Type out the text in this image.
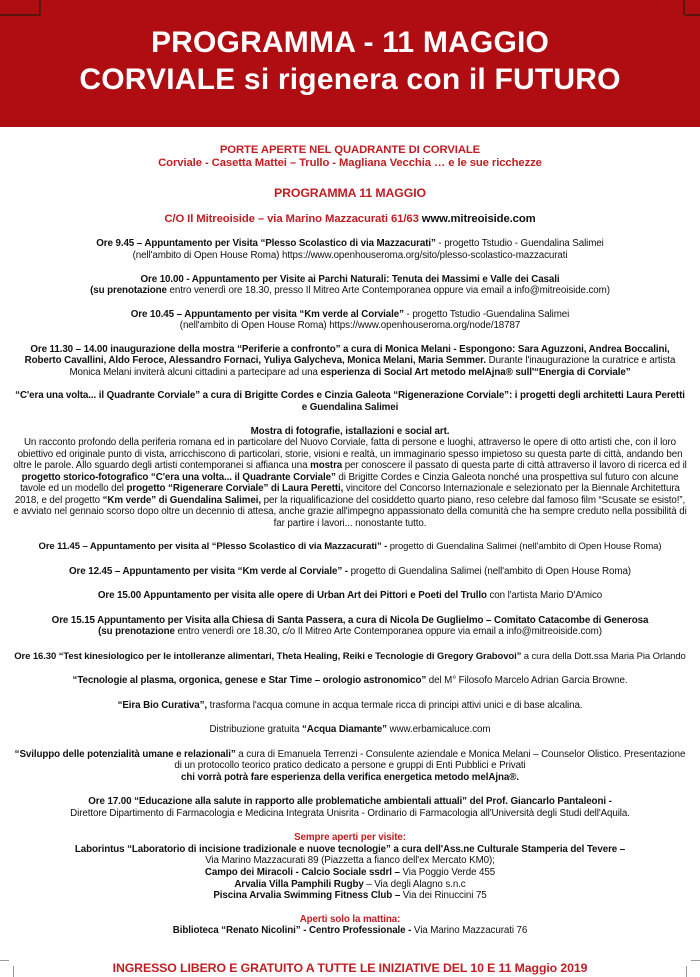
PROGRAMMA - 11 MAGGIO
CORVIALE si rigenera con il FUTURO

PORTE APERTE NEL QUADRANTE DI CORVIALE

Corviale - Casetta Mattei – Trullo - Magliana Vecchia … e le sue ricchezze

PROGRAMMA 11 MAGGIO

C/O Il Mitreoiside – via Marino Mazzacurati 61/63 www.mitreoiside.com

Ore 9.45 – Appuntamento per Visita “Plesso Scolastico di via Mazzacurati” - progetto Tstudio - Guendalina Salimei
(nell'ambito di Open House Roma) https://www.openhouseroma.org/sito/plesso-scolastico-mazzacurati

Ore 10.00 - Appuntamento per Visite ai Parchi Naturali: Tenuta dei Massimi e Valle dei Casali
(su prenotazione entro venerdì ore 18.30, presso Il Mitreo Arte Contemporanea oppure via email a info@mitreoiside.com)

Ore 10.45 – Appuntamento per visita “Km verde al Corviale” - progetto Tstudio -Guendalina Salimei
(nell'ambito di Open House Roma) https://www.openhouseroma.org/node/18787

Ore 11.30 – 14.00 inaugurazione della mostra “Periferie a confronto” a cura di Monica Melani - Espongono: Sara Aguzzoni, Andrea Boccalini, Roberto Cavallini, Aldo Feroce, Alessandro Fornaci, Yuliya Galycheva, Monica Melani, Maria Semmer. Durante l'inaugurazione la curatrice e artista Monica Melani inviterà alcuni cittadini a partecipare ad una esperienza di Social Art metodo melAjna® sull'“Energia di Corviale”

“C'era una volta... il Quadrante Corviale” a cura di Brigitte Cordes e Cinzia Galeota “Rigenerazione Corviale”: i progetti degli architetti Laura Peretti e Guendalina Salimei

Mostra di fotografie, istallazioni e social art.
Un racconto profondo della periferia romana ed in particolare del Nuovo Corviale, fatta di persone e luoghi, attraverso le opere di otto artisti che, con il loro obiettivo ed originale punto di vista, arricchiscono di particolari, storie, visioni e realtà, un immaginario spesso impietoso su questa parte di città, andando ben oltre le parole. Allo sguardo degli artisti contemporanei si affianca una mostra per conoscere il passato di questa parte di città attraverso il lavoro di ricerca ed il progetto storico-fotografico “C'era una volta... il Quadrante Corviale” di Brigitte Cordes e Cinzia Galeota nonché una prospettiva sul futuro con alcune tavole ed un modello del progetto “Rigenerare Corviale” di Laura Peretti, vincitore del Concorso Internazionale e selezionato per la Biennale Architettura 2018, e del progetto “Km verde” di Guendalina Salimei, per la riqualificazione del cosiddetto quarto piano, reso celebre dal famoso film “Scusate se esisto!”, e avviato nel gennaio scorso dopo oltre un decennio di attesa, anche grazie all'impegno appassionato della comunità che ha sempre creduto nella possibilità di far partire i lavori... nonostante tutto.

Ore 11.45 – Appuntamento per visita al “Plesso Scolastico di via Mazzacurati” - progetto di Guendalina Salimei (nell'ambito di Open House Roma)

Ore 12.45 – Appuntamento per visita “Km verde al Corviale” - progetto di Guendalina Salimei (nell'ambito di Open House Roma)

Ore 15.00 Appuntamento per visita alle opere di Urban Art dei Pittori e Poeti del Trullo con l'artista Mario D'Amico

Ore 15.15 Appuntamento per Visita alla Chiesa di Santa Passera, a cura di Nicola De Guglielmo – Comitato Catacombe di Generosa
(su prenotazione entro venerdì ore 18.30, c/o Il Mitreo Arte Contemporanea oppure via email a info@mitreoiside.com)

Ore 16.30 “Test kinesiologico per le intolleranze alimentari, Theta Healing, Reiki e Tecnologie di Gregory Grabovoi” a cura della Dott.ssa Maria Pia Orlando

“Tecnologie al plasma, orgonica, genese e Star Time – orologio astronomico” del M° Filosofo Marcelo Adrian Garcia Browne.

“Eira Bio Curativa”, trasforma l'acqua comune in acqua termale ricca di principi attivi unici e di base alcalina.

Distribuzione gratuita “Acqua Diamante” www.erbamicaluce.com

“Sviluppo delle potenzialità umane e relazionali” a cura di Emanuela Terrenzi - Consulente aziendale e Monica Melani – Counselor Olistico. Presentazione di un protocollo teorico pratico dedicato a persone e gruppi di Enti Pubblici e Privati
chi vorrà potrà fare esperienza della verifica energetica metodo melAjna®.

Ore 17.00 “Educazione alla salute in rapporto alle problematiche ambientali attuali” del Prof. Giancarlo Pantaleoni -
Direttore Dipartimento di Farmacologia e Medicina Integrata Unisrita - Ordinario di Farmacologia all'Università degli Studi dell'Aquila.

Sempre aperti per visite:

Laborintus “Laboratorio di incisione tradizionale e nuove tecnologie” a cura dell'Ass.ne Culturale Stamperia del Tevere –
Via Marino Mazzacurati 89 (Piazzetta a fianco dell'ex Mercato KM0);

Campo dei Miracoli - Calcio Sociale ssdrl – Via Poggio Verde 455

Arvalia Villa Pamphili Rugby – Via degli Alagno s.n.c

Piscina Arvalia Swimming Fitness Club – Via dei Rinuccini 75

Aperti solo la mattina:

Biblioteca “Renato Nicolini” - Centro Professionale - Via Marino Mazzacurati 76

INGRESSO LIBERO E GRATUITO A TUTTE LE INIZIATIVE DEL 10 E 11 Maggio 2019
